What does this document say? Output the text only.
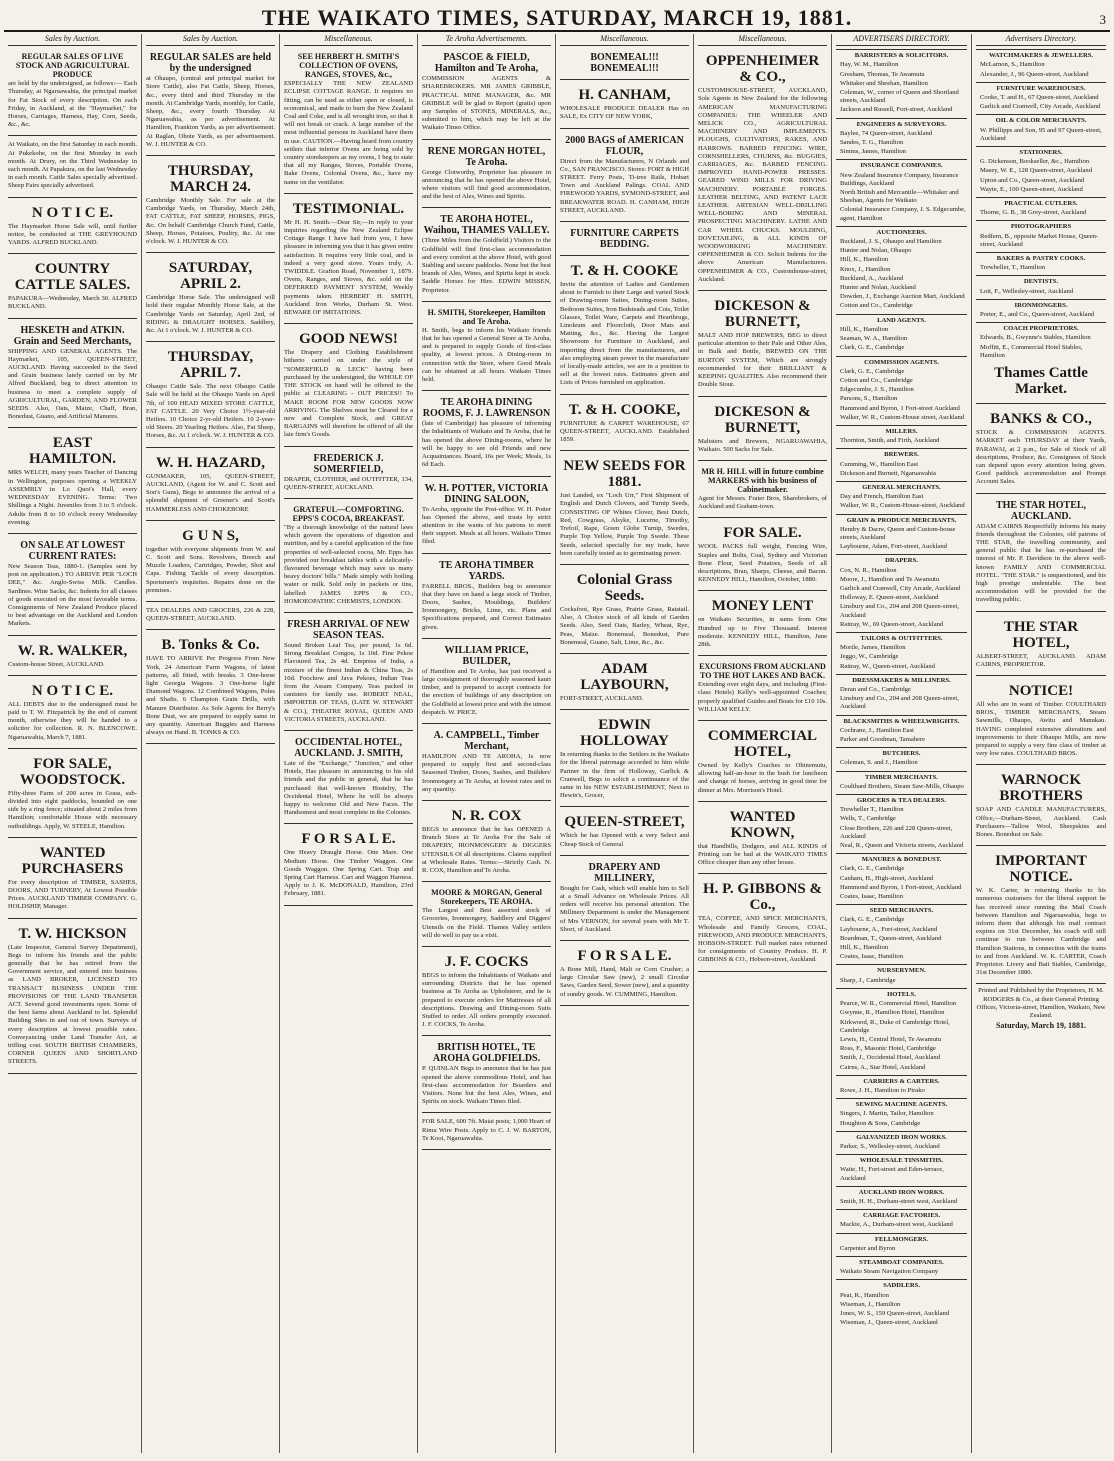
THE WAIKATO TIMES, SATURDAY, MARCH 19, 1881.	3
Sales by Auction.
REGULAR SALES OF LIVE STOCK AND AGRICULTURAL PRODUCE

are held by the undersigned, as follows:— Each Thursday, at Ngaruawahia, the principal market for Fat Stock of every description. On each Friday, in Auckland, at the "Haymarket," for Horses, Carriages, Harness, Hay, Corn, Seeds, &c., &c.

At Waikato, on the first Saturday in each month. At Pukekohe, on the first Monday in each month. At Drury, on the Third Wednesday in each month. At Papakura, on the last Wednesday in each month. Cattle Sales specially advertised. Sheep Fairs specially advertised.

N O T I C E.

The Haymarket Horse Sale will, until further notice, be conducted at THE GREYHOUND YARDS. ALFRED BUCKLAND.

COUNTRY CATTLE SALES.

PAPAKURA—Wednesday, March 30. ALFRED BUCKLAND.

HESKETH and ATKIN. Grain and Seed Merchants,

SHIPPING AND GENERAL AGENTS. The Haymarket, 105, QUEEN-STREET, AUCKLAND. Having succeeded to the Seed and Grain business lately carried on by Mr Alfred Buckland, beg to direct attention to business to meet a complete supply of AGRICULTURAL, GARDEN, AND FLOWER SEEDS. Also, Oats, Maize, Chaff, Bran, Bonedust, Guano, and Artificial Manures.

EAST HAMILTON.

MRS WELCH, many years Teacher of Dancing in Wellington, purposes opening a WEEKLY ASSEMBLY in Lo Quoi's Hall, every WEDNESDAY EVENING. Terms: Two Shillings a Night. Juveniles from 3 to 5 o'clock. Adults from 8 to 10 o'clock every Wednesday evening.

ON SALE AT LOWEST CURRENT RATES:

New Season Teas, 1880-1. (Samples sent by post on application.) TO ARRIVE PER "LOCH DEE," &c. Anglo-Swiss Milk. Candles. Sardines. Wine Sacks, &c. Indents for all classes of goods executed on the most favorable terms. Consignments of New Zealand Produce placed to best advantage on the Auckland and London Markets.

W. R. WALKER,

Custom-house Street, AUCKLAND.

N O T I C E.

ALL DEBTS due to the undersigned must be paid to T. W. Fitzpatrick by the end of current month, otherwise they will be handed to a solicitor for collection. R. N. BLENCOWE. Ngaruawahia, March 7, 1881.

FOR SALE, WOODSTOCK.

Fifty-three Farm of 200 acres in Grass, sub-divided into eight paddocks, bounded on one side by a ring fence; situated about 2 miles from Hamilton; comfortable House with necessary outbuildings. Apply, W. STEELE, Hamilton.

WANTED PURCHASERS

For every description of TIMBER, SASHES, DOORS, AND TURNERY, At Lowest Possible Prices. AUCKLAND TIMBER COMPANY. G. HOLDSHIP, Manager.

T. W. HICKSON

(Late Inspector, General Survey Department), Begs to inform his friends and the public generally that he has retired from the Government service, and entered into business as LAND BROKER, LICENSED TO TRANSACT BUSINESS UNDER THE PROVISIONS OF THE LAND TRANSFER ACT. Several good investments open. Some of the best farms about Auckland to let. Splendid Building Sites in and out of town. Surveys of every description at lowest possible rates. Conveyancing under Land Transfer Act, at trifling cost. SOUTH BRITISH CHAMBERS, CORNER QUEEN AND SHORTLAND STREETS.

Sales by Auction.
REGULAR SALES are held by the undersigned

at Ohaupo, (central and principal market for Store Cattle), also Fat Cattle, Sheep, Horses, &c., every third and third Thursday in the month. At Cambridge Yards, monthly, for Cattle, Sheep, &c., every fourth Thursday. At Ngaruawahia, as per advertisement. At Hamilton, Frankton Yards, as per advertisement. At Raglan, Ohote Yards, as per advertisement. W. J. HUNTER & CO.

THURSDAY, MARCH 24.

Cambridge Monthly Sale. For sale at the Cambridge Yards, on Thursday, March 24th, FAT CATTLE, FAT SHEEP, HORSES, PIGS, &c. On behalf Cambridge Church Fund, Cattle, Sheep, Horses, Potatoes, Poultry, &c. At one o'clock. W. J. HUNTER & CO.

SATURDAY, APRIL 2.

Cambridge Horse Sale. The undersigned will hold their regular Monthly Horse Sale, at the Cambridge Yards on Saturday, April 2nd, of RIDING & DRAUGHT HORSES. Saddlery, &c. At 1 o'clock. W. J. HUNTER & CO.

THURSDAY, APRIL 7.

Ohaupo Cattle Sale. The next Ohaupo Cattle Sale will be held at the Ohaupo Yards on April 7th, of 100 HEAD MIXED STORE CATTLE, FAT CATTLE. 20 Very Choice 1½-year-old Heifers. 10 Choice 2-yr-old Heifers. 10 2-year-old Steers. 20 Yearling Heifers. Also, Fat Sheep, Horses, &c. At 1 o'clock. W. J. HUNTER & CO.

W. H. HAZARD,

GUNMAKER, 105, QUEEN-STREET, AUCKLAND, (Agent for W. and C. Scott and Son's Guns), Begs to announce the arrival of a splendid shipment of Greener's and Scott's HAMMERLESS AND CHOKEBORE

G U N S,

together with everyone shipments from W. and C. Scott and Sons. Revolvers, Breech and Muzzle Loaders, Cartridges, Powder, Shot and Caps. Fishing Tackle of every description. Sportsmen's requisites. Repairs done on the premises.

TEA DEALERS AND GROCERS, 226 & 228, QUEEN-STREET, AUCKLAND.

B. Tonks & Co.

HAVE TO ARRIVE Per Progress From New York, 24 American Farm Wagons, of latest patterns, all fitted, with breaks. 3 One-horse light Georgia Wagons. 3 One-horse light Diamond Wagons. 12 Combined Wagons, Poles and Shafts. 6 Champion Grain Drills, with Manure Distributor. As Sole Agents for Berry's Bone Dust, we are prepared to supply same in any quantity. American Buggies and Harness always on Hand. B. TONKS & CO.

Miscellaneous.
SEE HERBERT H. SMITH'S COLLECTION OF OVENS, RANGES, STOVES, &c.,

ESPECIALLY THE NEW ZEALAND ECLIPSE COTTAGE RANGE. It requires no fitting, can be used as either open or closed, is economical, and made to burn the New Zealand Coal and Coke, and is all wrought iron, so that it will not break or crack. A large number of the most influential persons in Auckland have them in use. CAUTION.—Having heard from country settlers that inferior Ovens are being sold by country storekeepers as my ovens, I beg to state that all my Ranges, Stoves, Portable Ovens, Bake Ovens, Colonial Ovens, &c., have my name on the ventilator.

TESTIMONIAL.

Mr H. H. Smith.—Dear Sir,—In reply to your inquiries regarding the New Zealand Eclipse Cottage Range I have had from you, I have pleasure in informing you that it has given entire satisfaction. It requires very little coal, and is indeed a very good stove. Yours truly, A. TWIDDLE. Grafton Road, November 1, 1879. Ovens, Ranges, and Stoves, &c. sold on the DEFERRED PAYMENT SYSTEM, Weekly payments taken. HERBERT H. SMITH, Auckland Iron Works, Durham St. West. BEWARE OF IMITATIONS.

GOOD NEWS!

The Drapery and Clothing Establishment hitherto carried on under the style of "SOMERFIELD & LECK" having been purchased by the undersigned, the WHOLE OF THE STOCK on hand will be offered to the public at CLEARING - OUT PRICES!! To MAKE ROOM FOR NEW GOODS NOW ARRIVING. The Shelves must be Cleared for a new and Complete Stock, and GREAT BARGAINS will therefore be offered of all the late firm's Goods.

FREDERICK J. SOMERFIELD,

DRAPER, CLOTHIER, and OUTFITTER, 134, QUEEN-STREET, AUCKLAND.

GRATEFUL—COMFORTING. EPPS'S COCOA, BREAKFAST.

"By a thorough knowledge of the natural laws which govern the operations of digestion and nutrition, and by a careful application of the fine properties of well-selected cocoa, Mr. Epps has provided our breakfast tables with a delicately-flavoured beverage which may save us many heavy doctors' bills." Made simply with boiling water or milk. Sold only in packets or tins, labelled: JAMES EPPS & CO., HOMOEOPATHIC CHEMISTS, LONDON.

FRESH ARRIVAL OF NEW SEASON TEAS.

Sound Broken Leaf Tea, per pound, 1s 6d. Strong Breakfast Congou, 1s 10d. Fine Pekoe Flavoured Tea, 2s 4d. Empress of India, a mixture of the finest Indian & China Teas, 2s 10d. Foochow and Java Pekoes, Indian Teas from the Assam Company. Teas packed in canisters for family use. ROBERT NEAL, IMPORTER OF TEAS, (LATE W. STEWART & CO.), THEATRE ROYAL, QUEEN AND VICTORIA STREETS, AUCKLAND.

OCCIDENTAL HOTEL, AUCKLAND. J. SMITH,

Late of the "Exchange," "Junction," and other Hotels, Has pleasure in announcing to his old friends and the public in general, that he has purchased that well-known Hostelry, The Occidental Hotel, Where he will be always happy to welcome Old and New Faces. The Handsomest and most complete in the Colonies.

F O R S A L E.

One Heavy Draught Horse. One Mare. One Medium Horse. One Timber Waggon. One Goods Waggon. One Spring Cart. Trap and Spring Cart Harness. Cart and Waggon Harness. Apply to J. K. McDONALD, Hamilton, 23rd February, 1881.

Te Aroha Advertisements.
PASCOE & FIELD, Hamilton and Te Aroha,

COMMISSION AGENTS & SHAREBROKERS. MR JAMES GRIBBLE, PRACTICAL MINE MANAGER, &c. MR GRIBBLE will be glad to Report (gratis) upon any Samples of STONES, MINERALS, &c., submitted to him, which may be left at the Waikato Times Office.

RENE MORGAN HOTEL, Te Aroha.

George Clotworthy, Proprietor has pleasure in announcing that he has opened the above Hotel, where visitors will find good accommodation, and the best of Ales, Wines and Spirits.

TE AROHA HOTEL, Waihou, THAMES VALLEY.

(Three Miles from the Goldfield.) Visitors to the Goldfield will find first-class accommodation and every comfort at the above Hotel, with good Stabling and secure paddocks. None but the best brands of Ales, Wines, and Spirits kept in stock. Saddle Horses for Hire. EDWIN MISSEN, Proprietor.

H. SMITH, Storekeeper, Hamilton and Te Aroha.

H. Smith, begs to inform his Waikato friends that he has opened a General Store at Te Aroha, and is prepared to supply Goods of first-class quality, at lowest prices. A Dining-room in connection with the Store, where Good Meals can be obtained at all hours. Waikato Times held.

TE AROHA DINING ROOMS, F. J. LAWRENSON

(late of Cambridge) has pleasure of informing the Inhabitants of Waikato and Te Aroha, that he has opened the above Dining-rooms, where he will be happy to see old Friends and new Acquaintances. Board, 16s per Week; Meals, 1s 6d Each.

W. H. POTTER, VICTORIA DINING SALOON,

To Aroha, opposite the Post-office. W. H. Potter has Opened the above, and trusts by strict attention to the wants of his patrons to merit their support. Meals at all hours. Waikato Times filed.

TE AROHA TIMBER YARDS.

FARRELL BROS., Builders beg to announce that they have on hand a large stock of Timber, Doors, Sashes, Mouldings, Builders' Ironmongery, Bricks, Lime, etc. Plans and Specifications prepared, and Correct Estimates given.

WILLIAM PRICE, BUILDER,

of Hamilton and Te Aroha, has just received a large consignment of thoroughly seasoned kauri timber, and is prepared to accept contracts for the erection of buildings of any description on the Goldfield at lowest price and with the utmost despatch. W. PRICE.

A. CAMPBELL, Timber Merchant,

HAMILTON AND TE AROHA, Is now prepared to supply first and second-class Seasoned Timber, Doors, Sashes, and Builders' Ironmongery at Te Aroha, at lowest rates and in any quantity.

N. R. COX

BEGS to announce that he has OPENED A Branch Store at Te Aroha For the Sale of DRAPERY, IRONMONGERY & DIGGERS UTENSILS Of all descriptions. Claims supplied at Wholesale Rates. Terms:—Strictly Cash. N. R. COX, Hamilton and Te Aroha.

MOORE & MORGAN, General Storekeepers, TE AROHA.

The Largest and Best assorted stock of Groceries, Ironmongery, Saddlery and Diggers' Utensils on the Field. Thames Valley settlers will do well to pay us a visit.

J. F. COCKS

BEGS to inform the Inhabitants of Waikato and surrounding Districts that he has opened business at Te Aroha as Upholsterer, and he is prepared to execute orders for Mattresses of all descriptions. Drawing and Dining-room Suits Stuffed to order. All orders promptly executed. J. F. COCKS, Te Aroha.

BRITISH HOTEL, TE AROHA GOLDFIELDS.

P. QUINLAN Begs to announce that he has just opened the above commodious Hotel, and has first-class accommodation for Boarders and Visitors. None but the best Ales, Wines, and Spirits on stock. Waikato Times filed.

FOR SALE, 600 7ft. Maiai posts; 1,000 Heart of Rimu Wire Posts. Apply to C. J. W. BARTON, Te Kooi, Ngaruawahia.

Miscellaneous.
BONEMEAL!!! BONEMEAL!!!
H. CANHAM,

WHOLESALE PRODUCE DEALER Has on SALE, Ex CITY OF NEW YORK,

2000 BAGS of AMERICAN FLOUR,

Direct from the Manufacturers, N Orlands and Co., SAN FRANCISCO. Stores: FORT & HIGH STREET. Ferry Posts, Ti-tree Rails, Hobart Town and Auckland Palings. COAL AND FIREWOOD YARDS, SYMOND-STREET, and BREAKWATER ROAD. H. CANHAM, HIGH STREET, AUCKLAND.

FURNITURE CARPETS BEDDING.
T. & H. COOKE

Invite the attention of Ladies and Gentlemen about to Furnish to their Large and varied Stock of Drawing-room Suites, Dining-room Suites, Bedroom Suites, Iron Bedsteads and Cots, Toilet Glasses, Toilet Ware, Carpets and Hearthrugs, Linoleum and Floorcloth, Door Mats and Matting, &c., &c. Having the Largest Showroom for Furniture in Auckland, and importing direct from the manufacturers, and also employing steam power in the manufacture of locally-made articles, we are in a position to sell at the lowest rates. Estimates given and Lists of Prices furnished on application.

T. & H. COOKE,

FURNITURE & CARPET WAREHOUSE, 67 QUEEN-STREET, AUCKLAND. Established 1859.

NEW SEEDS FOR 1881.

Just Landed, ex "Loch Urr," First Shipment of English and Dutch Clovers, and Turnip Seeds, CONSISTING OF Whites Clover, Best Dutch, Red, Cowgrass, Alsyke, Lucerne, Timothy, Trefoil, Rape, Green Globe Turnip, Swedes, Purple Top Yellow, Purple Top Swede. These Seeds, selected specially for my trade, have been carefully tested as to germinating power.

Colonial Grass Seeds.

Cocksfoot, Rye Grass, Prairie Grass, Ratstail. Also, A Choice stock of all kinds of Garden Seeds. Also, Seed Oats, Barley, Wheat, Rye, Peas, Maize. Bonemeal, Bonedust, Pure Bonemeal, Guano, Salt, Lime, &c., &c.

ADAM LAYBOURN,

FORT-STREET, AUCKLAND.

EDWIN HOLLOWAY

In returning thanks to the Settlers in the Waikato for the liberal patronage accorded to him while Partner in the firm of Holloway, Garlick & Cranwell, Begs to solicit a continuance of the same in his NEW ESTABLISHMENT, Next to Hewin's, Grocer,

QUEEN-STREET,

Which he has Opened with a very Select and Cheap Stock of General

DRAPERY AND MILLINERY,

Bought for Cash, which will enable him to Sell at a Small Advance on Wholesale Prices. All orders will receive his personal attention. The Millinery Department is under the Management of Mrs VERNON, for several years with Mr T. Short, of Auckland.

F O R S A L E.

A Bone Mill, Hand, Malt or Corn Crusher; a large Circular Saw (new), 2 small Circular Saws, Garden Seed, Sower (new), and a quantity of sundry goods. W. CUMMING, Hamilton.

Miscellaneous.
OPPENHEIMER & CO.,

CUSTOMHOUSE-STREET, AUCKLAND, Sole Agents in New Zealand for the following AMERICAN MANUFACTURING COMPANIES: THE WHEELER AND MELICK CO., AGRICULTURAL MACHINERY AND IMPLEMENTS. PLOUGHS, CULTIVATORS, RAKES, AND HARROWS. BARBED FENCING WIRE, CORNSHELLERS, CHURNS, &c. BUGGIES, CARRIAGES, &c. BARBED FENCING. IMPROVED HAND-POWER PRESSES. GEARED WIND MILLS FOR DRIVING MACHINERY. PORTABLE FORGES. LEATHER BELTING, AND PATENT LACE LEATHER. ARTESIAN WELL-DRILLING WELL-BORING AND MINERAL PROSPECTING MACHINERY. LATHE AND CAR WHEEL CHUCKS. MOULDING, DOVETAILING, & ALL KINDS OF WOODWORKING MACHINERY. OPPENHEIMER & CO. Solicit Indents for the above American Manufacturers. OPPENHEIMER & CO., Customhouse-street, Auckland.

DICKESON & BURNETT,

MALT AND HOP BREWERS, BEG to direct particular attention to their Pale and Other Ales, in Bulk and Bottle, BREWED ON THE BURTON SYSTEM, Which are strongly recommended for their BRILLIANT & KEEPING QUALITIES. Also recommend their Double Stout.

DICKESON & BURNETT,

Maltsters and Brewers, NGARUAWAHIA, Waikato. 500 Sacks for Sale.

MR H. HILL will in future combine MARKERS with his business of Cabinetmaker.

Agent for Messrs. Frater Bros, Sharebrokers, of Auckland and Graham-town.

FOR SALE.

WOOL PACKS full weight, Fencing Wire, Staples and Bolts, Coal, Sydney and Victorian Bone Flour, Seed Potatoes, Seeds of all descriptions, Bran, Sharps, Cheese, and Bacon. KENNEDY HILL, Hamilton, October, 1880.

MONEY LENT

on Waikato Securities, in sums from One Hundred up to Five Thousand. Interest moderate. KENNEDY HILL, Hamilton, June 28th.

EXCURSIONS FROM AUCKLAND TO THE HOT LAKES AND BACK.

Extending over eight days, and including (First-class Hotels) Kelly's well-appointed Coaches; properly qualified Guides and Boats for £10 10s. WILLIAM KELLY.

COMMERCIAL HOTEL,

Owned by Kelly's Coaches to Ohinemutu, allowing half-an-hour in the bush for luncheon and change of horses, arriving in good time for dinner at Mrs. Morrison's Hotel.

WANTED KNOWN,

that Handbills, Dodgers, and ALL KINDS of Printing can be had at the WAIKATO TIMES Office cheaper than any other house.

H. P. GIBBONS & Co.,

TEA, COFFEE, AND SPICE MERCHANTS, Wholesale and Family Grocers, COAL, FIREWOOD, AND PRODUCE MERCHANTS, HOBSON-STREET. Full market rates returned for consignments of Country Produce. H. P. GIBBONS & CO., Hobson-street, Auckland.

ADVERTISERS DIRECTORY.
BARRISTERS & SOLICITORS.
Hay, W. M., Hamilton
Gresham, Thomas, Te Awamutu
Whitaker and Sheehan, Hamilton
Coleman, W., corner of Queen and Shortland streets, Auckland
Jackson and Russell, Fort-street, Auckland
ENGINEERS & SURVEYORS.
Baylee, 74 Queen-street, Auckland
Sandes, T. G., Hamilton
Simms, James, Hamilton
INSURANCE COMPANIES.
New Zealand Insurance Company, Insurance Buildings, Auckland
North British and Mercantile—Whitaker and Sheehan, Agents for Waikato
Colonial Insurance Company, J. S. Edgecumbe, agent, Hamilton
AUCTIONEERS.
Buckland, J. S., Ohaupo and Hamilton
Hunter and Nolan, Ohaupo
Hill, K., Hamilton
Knox, J., Hamilton
Buckland, A., Auckland
Hunter and Nolan, Auckland
Dowden, J., Exchange Auction Mart, Auckland
Cotton and Co., Cambridge
LAND AGENTS.
Hill, K., Hamilton
Seaman, W. A., Hamilton
Clark, G. E., Cambridge
COMMISSION AGENTS.
Clark, G. E., Cambridge
Cotton and Co., Cambridge
Edgecumbe, J. S., Hamilton
Parsons, S., Hamilton
Hammond and Byron, 1 Fort-street Auckland
Walker, W. R., Custom-House street, Auckland
MILLERS.
Thornton, Smith, and Firth, Auckland
BREWERS.
Cumming, W., Hamilton East
Dickeson and Burnett, Ngaruawahia
GENERAL MERCHANTS.
Day and French, Hamilton East
Walker, W. R., Custom-House-street, Auckland
GRAIN & PRODUCE MERCHANTS.
Hendry & Dacre, Queen and Custom-house streets, Auckland
Laybourne, Adam, Fort-street, Auckland
DRAPERS.
Cox, N. R., Hamilton
Moore, J., Hamilton and Te Awamutu
Garlick and Cranwell, City Arcade, Auckland
Holloway, E. Queen-street, Auckland
Linsbury and Co., 204 and 208 Queen-street, Auckland
Rattray, W., 69 Queen-street, Auckland
TAILORS & OUTFITTERS.
Mortle, James, Hamilton
Jeggo, W., Cambridge
Rattray, W., Queen-street, Auckland
DRESSMAKERS & MILLINERS.
Deran and Co., Cambridge
Linsbury and Co., 204 and 208 Queen-street, Auckland
BLACKSMITHS & WHEELWRIGHTS.
Cochrane, J., Hamilton East
Parker and Goodman, Tamahere
BUTCHERS.
Coleman, S. and J., Hamilton
TIMBER MERCHANTS.
Coulthard Brothers, Steam Saw-Mills, Ohaupo
GROCERS & TEA DEALERS.
Trewheller T., Hamilton
Wells, T., Cambridge
Close Brothers, 226 and 228 Queen-street, Auckland
Neal, R., Queen and Victoria streets, Auckland
MANURES & BONEDUST.
Clark, G. E., Cambridge
Canham, H., High-street, Auckland
Hammond and Byron, 1 Fort-street, Auckland
Coates, Isaac, Hamilton
SEED MERCHANTS.
Clark, G. E., Cambridge
Laybourne, A., Fort-street, Auckland
Boardman, T., Queen-street, Auckland
Hill, K., Hamilton
Coates, Isaac, Hamilton
NURSERYMEN.
Sharp, J., Cambridge
HOTELS.
Pearce, W. R., Commercial Hotel, Hamilton
Gwynne, R., Hamilton Hotel, Hamilton
Kirkwood, R., Duke of Cambridge Hotel, Cambridge
Lewis, H., Central Hotel, Te Awamutu
Ross, F., Masonic Hotel, Cambridge
Smith, J., Occidental Hotel, Auckland
Cairns, A., Star Hotel, Auckland
CARRIERS & CARTERS.
Rowe, J. H., Hamilton to Pirako
SEWING MACHINE AGENTS.
Singers, J. Martin, Tailor, Hamilton
Houghton & Sons, Cambridge
GALVANIZED IRON WORKS.
Parker, S., Wellesley-street, Auckland
WHOLESALE TINSMITHS.
Waite, H., Fort-street and Eden-terrace, Auckland
AUCKLAND IRON WORKS.
Smith, H. H., Durham-street west, Auckland
CARRIAGE FACTORIES.
Mackie, A., Durham-street west, Auckland
FELLMONGERS.
Carpenter and Byron
STEAMBOAT COMPANIES.
Waikato Steam Navigation Company
SADDLERS.
Peat, R., Hamilton
Wiseman, J., Hamilton
Jones, W. S., 159 Queen-street, Auckland
Wiseman, J., Queen-street, Auckland
Advertisers Directory.
WATCHMAKERS & JEWELLERS.
McLarnon, S., Hamilton
Alexander, J., 96 Queen-street, Auckland
FURNITURE WAREHOUSES.
Cooke, T. and H., 67 Queen-street, Auckland
Garlick and Cranwell, City Arcade, Auckland
OIL & COLOR MERCHANTS.
W. Phillipps and Son, 95 and 97 Queen-street, Auckland
STATIONERS.
G. Dickenson, Bookseller, &c., Hamilton
Masey, W. E., 128 Queen-street, Auckland
Upton and Co., Queen-street, Auckland
Wayte, E., 100 Queen-street, Auckland
PRACTICAL CUTLERS.
Thorne, G. B., 38 Grey-street, Auckland
PHOTOGRAPHERS
Redfern, B., opposite Market House, Queen-street, Auckland
BAKERS & PASTRY COOKS.
Trewheller, T., Hamilton
DENTISTS.
Lott, F., Wellesley-street, Auckland
IRONMONGERS.
Porter, E., and Co., Queen-street, Auckland
COACH PROPRIETORS.
Edwards, B., Gwynne's Stables, Hamilton
Moffitt, E., Commercial Hotel Stables, Hamilton
Thames Cattle Market.
BANKS & CO.,

STOCK & COMMISSION AGENTS. MARKET each THURSDAY at their Yards, PARAWAI, at 2 p.m., for Sale of Stock of all descriptions, Produce, &c. Consignees of Stock can depend upon every attention being given. Good paddock accommodation and Prompt Account Sales.

THE STAR HOTEL, AUCKLAND.

ADAM CAIRNS Respectfully informs his many friends throughout the Colonies, old patrons of THE STAR, the travelling community, and general public that he has re-purchased the interest of Mr. P. Davidson in the above well-known FAMILY AND COMMERCIAL HOTEL. "THE STAR." is unquestioned, and his high prestige undeniable. The best accommodation will be provided for the travelling public.

THE STAR HOTEL,

ALBERT-STREET, AUCKLAND. ADAM CAIRNS, PROPRIETOR.

NOTICE!

All who are in want of Timber. COULTHARD BROS., TIMBER MERCHANTS, Steam Sawmills, Ohaupo, Awitu and Manukau. HAVING completed extensive alterations and improvements to their Ohaupo Mills, are now prepared to supply a very fine class of timber at very low rates. COULTHARD BROS.

WARNOCK BROTHERS

SOAP AND CANDLE MANUFACTURERS, Office,—Durham-Street, Auckland. Cash Purchasers—Tallow Wool, Sheepskins and Bones. Bonedust on Sale.

IMPORTANT NOTICE.

W. K. Carter, in returning thanks to his numerous customers for the liberal support he has received since running the Mail Coach between Hamilton and Ngaruawahia, begs to inform them that although his mail contract expires on 31st December, his coach will still continue to run between Cambridge and Hamilton Stations, in connection with the trains to and from Auckland. W. K. CARTER, Coach Proprietor. Livery and Bait Stables, Cambridge, 31st December 1880.

Printed and Published by the Proprietors, H. M. RODGERS & Co., at their General Printing Offices, Victoria-street, Hamilton, Waikato, New Zealand.
Saturday, March 19, 1881.
